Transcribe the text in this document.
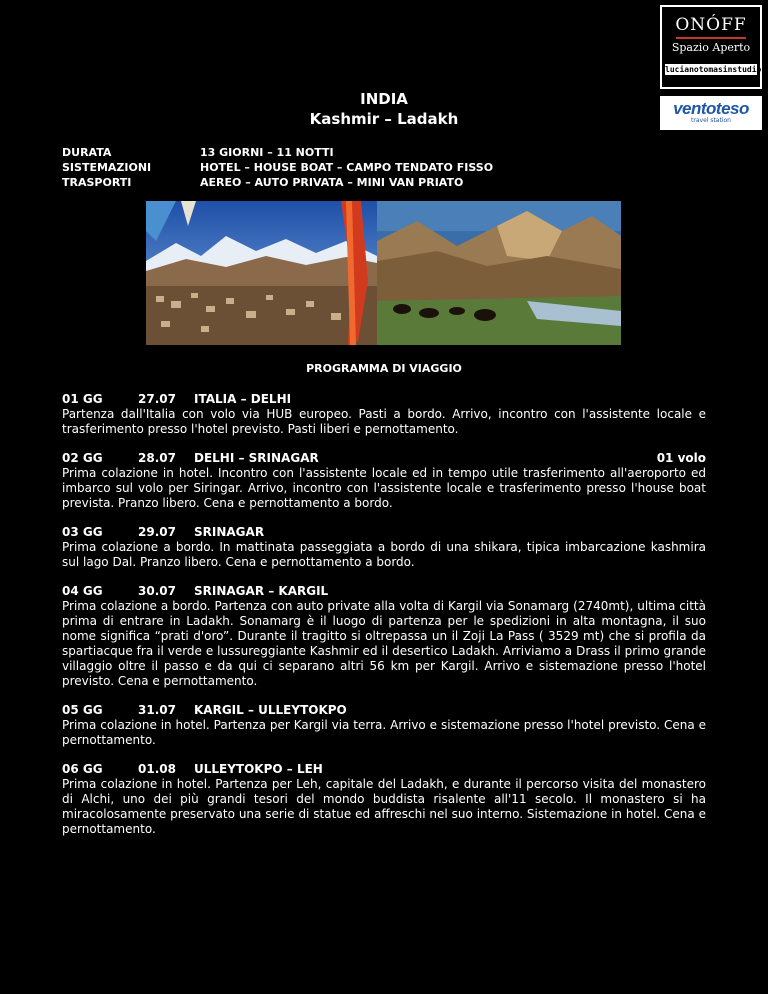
ONÓFF
Spazio Aperto
lucianotomasinstudio
ventoteso
travel station
INDIA
Kashmir – Ladakh
DURATA	13 GIORNI – 11 NOTTI
SISTEMAZIONI	HOTEL – HOUSE BOAT – CAMPO TENDATO FISSO
TRASPORTI	AEREO – AUTO PRIVATA – MINI VAN PRIATO
PROGRAMMA DI VIAGGIO
01 GG	27.07	ITALIA – DELHI
Partenza dall'Italia con volo via HUB europeo. Pasti a bordo. Arrivo, incontro con l'assistente locale e trasferimento presso l'hotel previsto. Pasti liberi e pernottamento.
02 GG	28.07	DELHI – SRINAGAR	01 volo
Prima colazione in hotel. Incontro con l'assistente locale ed in tempo utile trasferimento all'aeroporto ed imbarco sul volo per Siringar. Arrivo, incontro con l'assistente locale e trasferimento presso l'house boat prevista. Pranzo libero. Cena e pernottamento a bordo.
03 GG	29.07	SRINAGAR
Prima colazione a bordo. In mattinata passeggiata a bordo di una shikara, tipica imbarcazione kashmira sul lago Dal. Pranzo libero. Cena e pernottamento a bordo.
04 GG	30.07	SRINAGAR – KARGIL
Prima colazione a bordo. Partenza con auto private alla volta di Kargil via Sonamarg (2740mt), ultima città prima di entrare in Ladakh. Sonamarg è il luogo di partenza per le spedizioni in alta montagna, il suo nome significa “prati d'oro”. Durante il tragitto si oltrepassa un il Zoji La Pass ( 3529 mt) che si profila da spartiacque fra il verde e lussureggiante Kashmir ed il desertico Ladakh. Arriviamo a Drass il primo grande villaggio oltre il passo e da qui ci separano altri 56 km per Kargil. Arrivo e sistemazione presso l'hotel previsto. Cena e pernottamento.
05 GG	31.07	KARGIL – ULLEYTOKPO
Prima colazione in hotel. Partenza per Kargil via terra. Arrivo e sistemazione presso l'hotel previsto. Cena e pernottamento.
06 GG	01.08	ULLEYTOKPO – LEH
Prima colazione in hotel. Partenza per Leh, capitale del Ladakh, e durante il percorso visita del monastero di Alchi, uno dei più grandi tesori del mondo buddista risalente all'11 secolo. Il monastero si ha miracolosamente preservato una serie di statue ed affreschi nel suo interno. Sistemazione in hotel. Cena e pernottamento.
